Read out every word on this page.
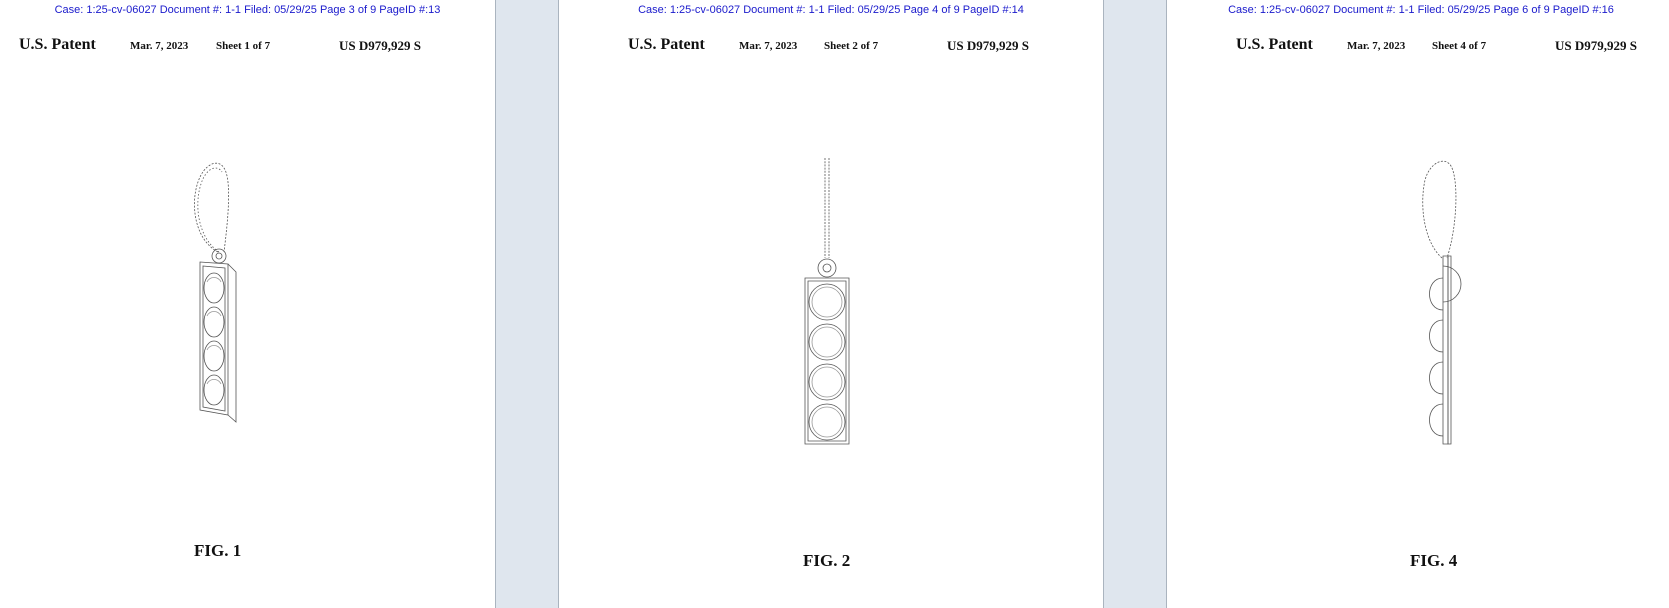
Case: 1:25-cv-06027 Document #: 1-1 Filed: 05/29/25 Page 3 of 9 PageID #:13
U.S. Patent	Mar. 7, 2023	Sheet 1 of 7	US D979,929 S
FIG. 1
Case: 1:25-cv-06027 Document #: 1-1 Filed: 05/29/25 Page 4 of 9 PageID #:14
U.S. Patent	Mar. 7, 2023 Sheet 2 of 7	US D979,929 S
FIG. 2
Case: 1:25-cv-06027 Document #: 1-1 Filed: 05/29/25 Page 6 of 9 PageID #:16
U.S. Patent	Mar. 7, 2023 Sheet 4 of 7	US D979,929 S
FIG. 4
